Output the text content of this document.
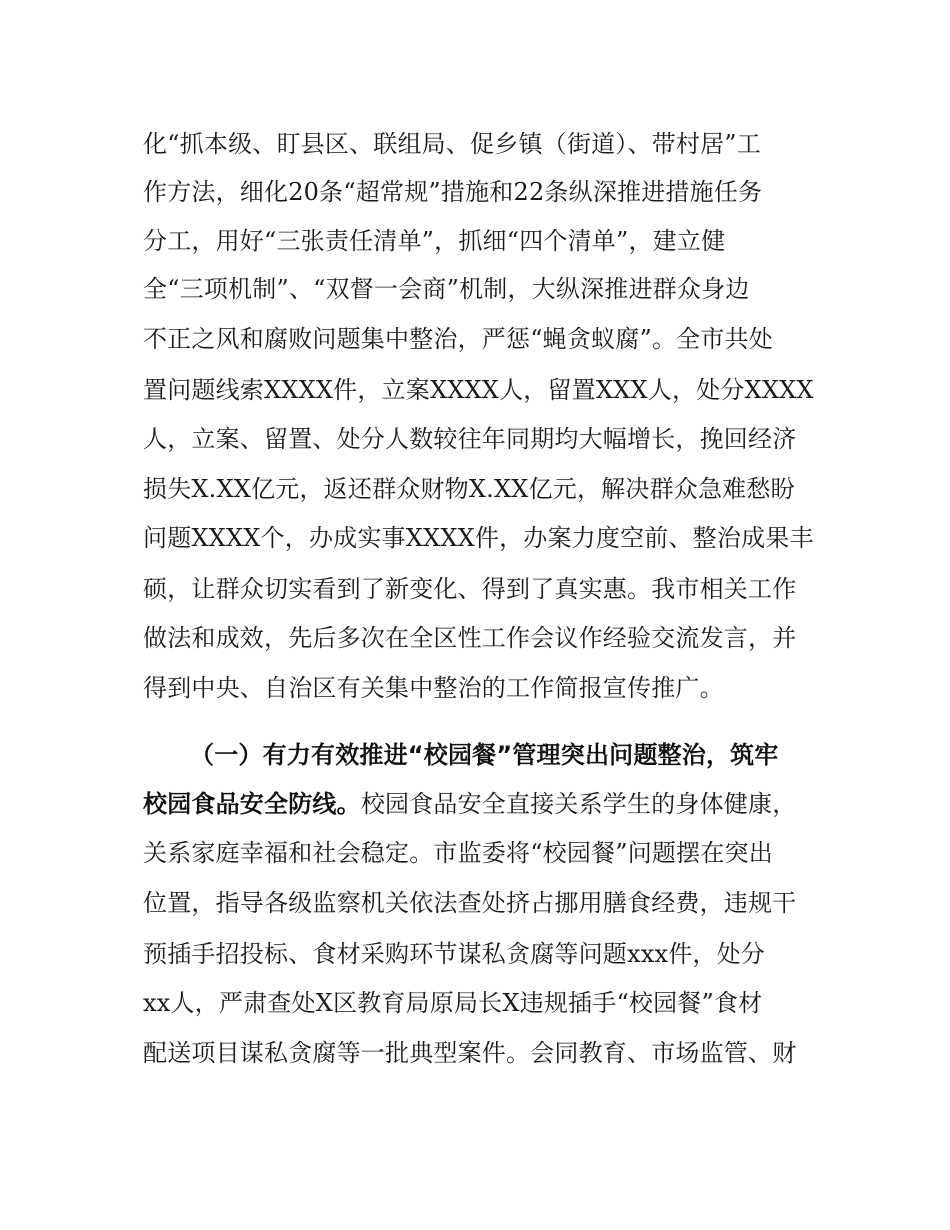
化“抓本级、盯县区、联组局、促乡镇（街道）、带村居”工
作方法，细化20条“超常规”措施和22条纵深推进措施任务
分工，用好“三张责任清单”，抓细“四个清单”，建立健
全“三项机制”、“双督一会商”机制，大纵深推进群众身边
不正之风和腐败问题集中整治，严惩“蝇贪蚁腐”。全市共处
置问题线索XXXX件，立案XXXX人，留置XXX人，处分XXXX
人，立案、留置、处分人数较往年同期均大幅增长，挽回经济
损失X.XX亿元，返还群众财物X.XX亿元，解决群众急难愁盼
问题XXXX个，办成实事XXXX件，办案力度空前、整治成果丰
硕，让群众切实看到了新变化、得到了真实惠。我市相关工作
做法和成效，先后多次在全区性工作会议作经验交流发言，并
得到中央、自治区有关集中整治的工作简报宣传推广。
（一）有力有效推进“校园餐”管理突出问题整治，筑牢
校园食品安全防线。校园食品安全直接关系学生的身体健康，
关系家庭幸福和社会稳定。市监委将“校园餐”问题摆在突出
位置，指导各级监察机关依法查处挤占挪用膳食经费，违规干
预插手招投标、食材采购环节谋私贪腐等问题xxx件，处分
xx人，严肃查处X区教育局原局长X违规插手“校园餐”食材
配送项目谋私贪腐等一批典型案件。会同教育、市场监管、财
